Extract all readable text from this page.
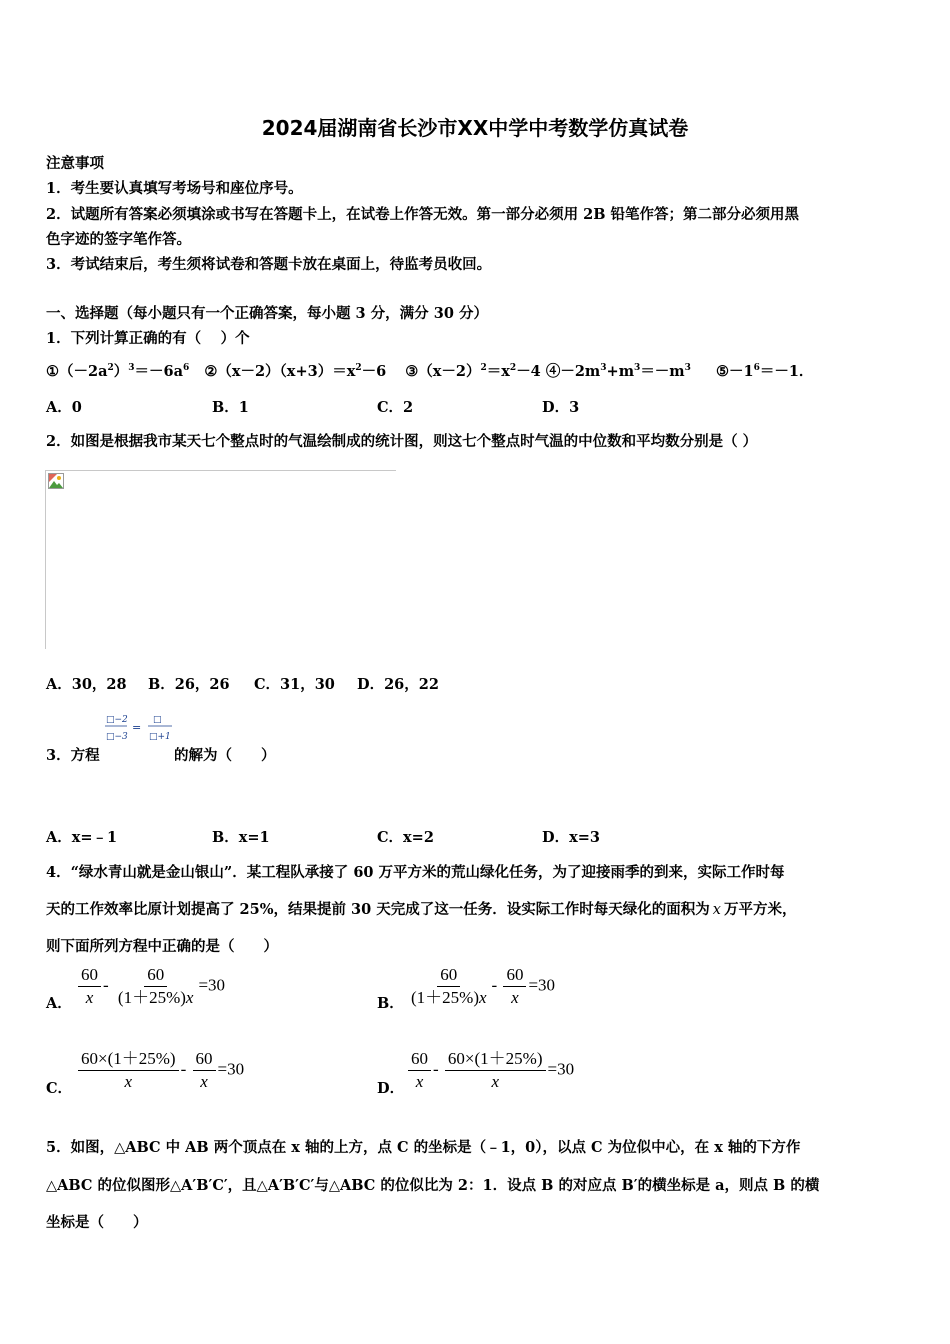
2024届湖南省长沙市XX中学中考数学仿真试卷
注意事项
1．考生要认真填写考场号和座位序号。
2．试题所有答案必须填涂或书写在答题卡上，在试卷上作答无效。第一部分必须用 2B 铅笔作答；第二部分必须用黑
色字迹的签字笔作答。
3．考试结束后，考生须将试卷和答题卡放在桌面上，待监考员收回。
一、选择题（每小题只有一个正确答案，每小题 3 分，满分 30 分）
1．下列计算正确的有（　 ）个
$①(-2a^2)^3=-6a^6$ $②(x-2)(x+3)=x^2-6$ $③(x-2)^2=x^2-4$ $④-2m^3+m^3=-m^3$ $⑤-1^6=-1$．
A．0	B．1	C．2	D．3
2．如图是根据我市某天七个整点时的气温绘制成的统计图，则这七个整点时气温的中位数和平均数分别是（ ）
A．30，28 B．26，26 C．31，30 D．26，22
□−2
□−3
=
□
□+1
3．方程	的解为（　　）
A．x=﹣1	B．x=1	C．x=2	D．x=3
4．“绿水青山就是金山银山”．某工程队承接了 60 万平方米的荒山绿化任务，为了迎接雨季的到来，实际工作时每
天的工作效率比原计划提高了 25%，结果提前 30 天完成了这一任务．设实际工作时每天绿化的面积为 x 万平方米，
则下面所列方程中正确的是（　　）
A． $\frac{60}{x} - \frac{60}{(1+25\%)x} =30$
B． $\frac{60}{(1+25\%)x} - \frac{60}{x} =30$
C． $\frac{60\times(1+25\%)}{x} - \frac{60}{x} =30$
D． $\frac{60}{x} - \frac{60\times(1+25\%)}{x} =30$
5．如图，△ABC 中 AB 两个顶点在 x 轴的上方，点 C 的坐标是（﹣1，0），以点 C 为位似中心，在 x 轴的下方作
△ABC 的位似图形△A′B′C′，且△A′B′C′与△ABC 的位似比为 2：1．设点 B 的对应点 B′的横坐标是 a，则点 B 的横
坐标是（　　）
